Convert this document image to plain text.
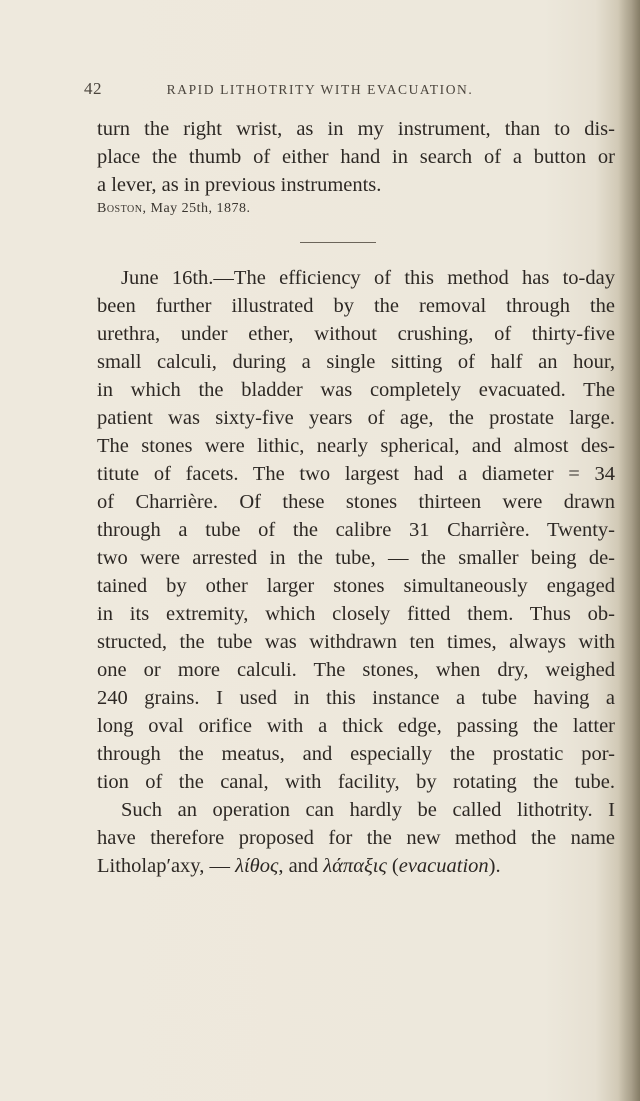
42	RAPID LITHOTRITY WITH EVACUATION.
turn the right wrist, as in my instrument, than to dis-
place the thumb of either hand in search of a button or
a lever, as in previous instruments.
Boston, May 25th, 1878.
June 16th.—The efficiency of this method has to-day
been further illustrated by the removal through the
urethra, under ether, without crushing, of thirty-five
small calculi, during a single sitting of half an hour,
in which the bladder was completely evacuated. The
patient was sixty-five years of age, the prostate large.
The stones were lithic, nearly spherical, and almost des-
titute of facets. The two largest had a diameter = 34
of Charrière. Of these stones thirteen were drawn
through a tube of the calibre 31 Charrière. Twenty-
two were arrested in the tube, — the smaller being de-
tained by other larger stones simultaneously engaged
in its extremity, which closely fitted them. Thus ob-
structed, the tube was withdrawn ten times, always with
one or more calculi. The stones, when dry, weighed
240 grains. I used in this instance a tube having a
long oval orifice with a thick edge, passing the latter
through the meatus, and especially the prostatic por-
tion of the canal, with facility, by rotating the tube.
Such an operation can hardly be called lithotrity. I
have therefore proposed for the new method the name
Litholap′axy, — λίθος, and λάπαξις (evacuation).
